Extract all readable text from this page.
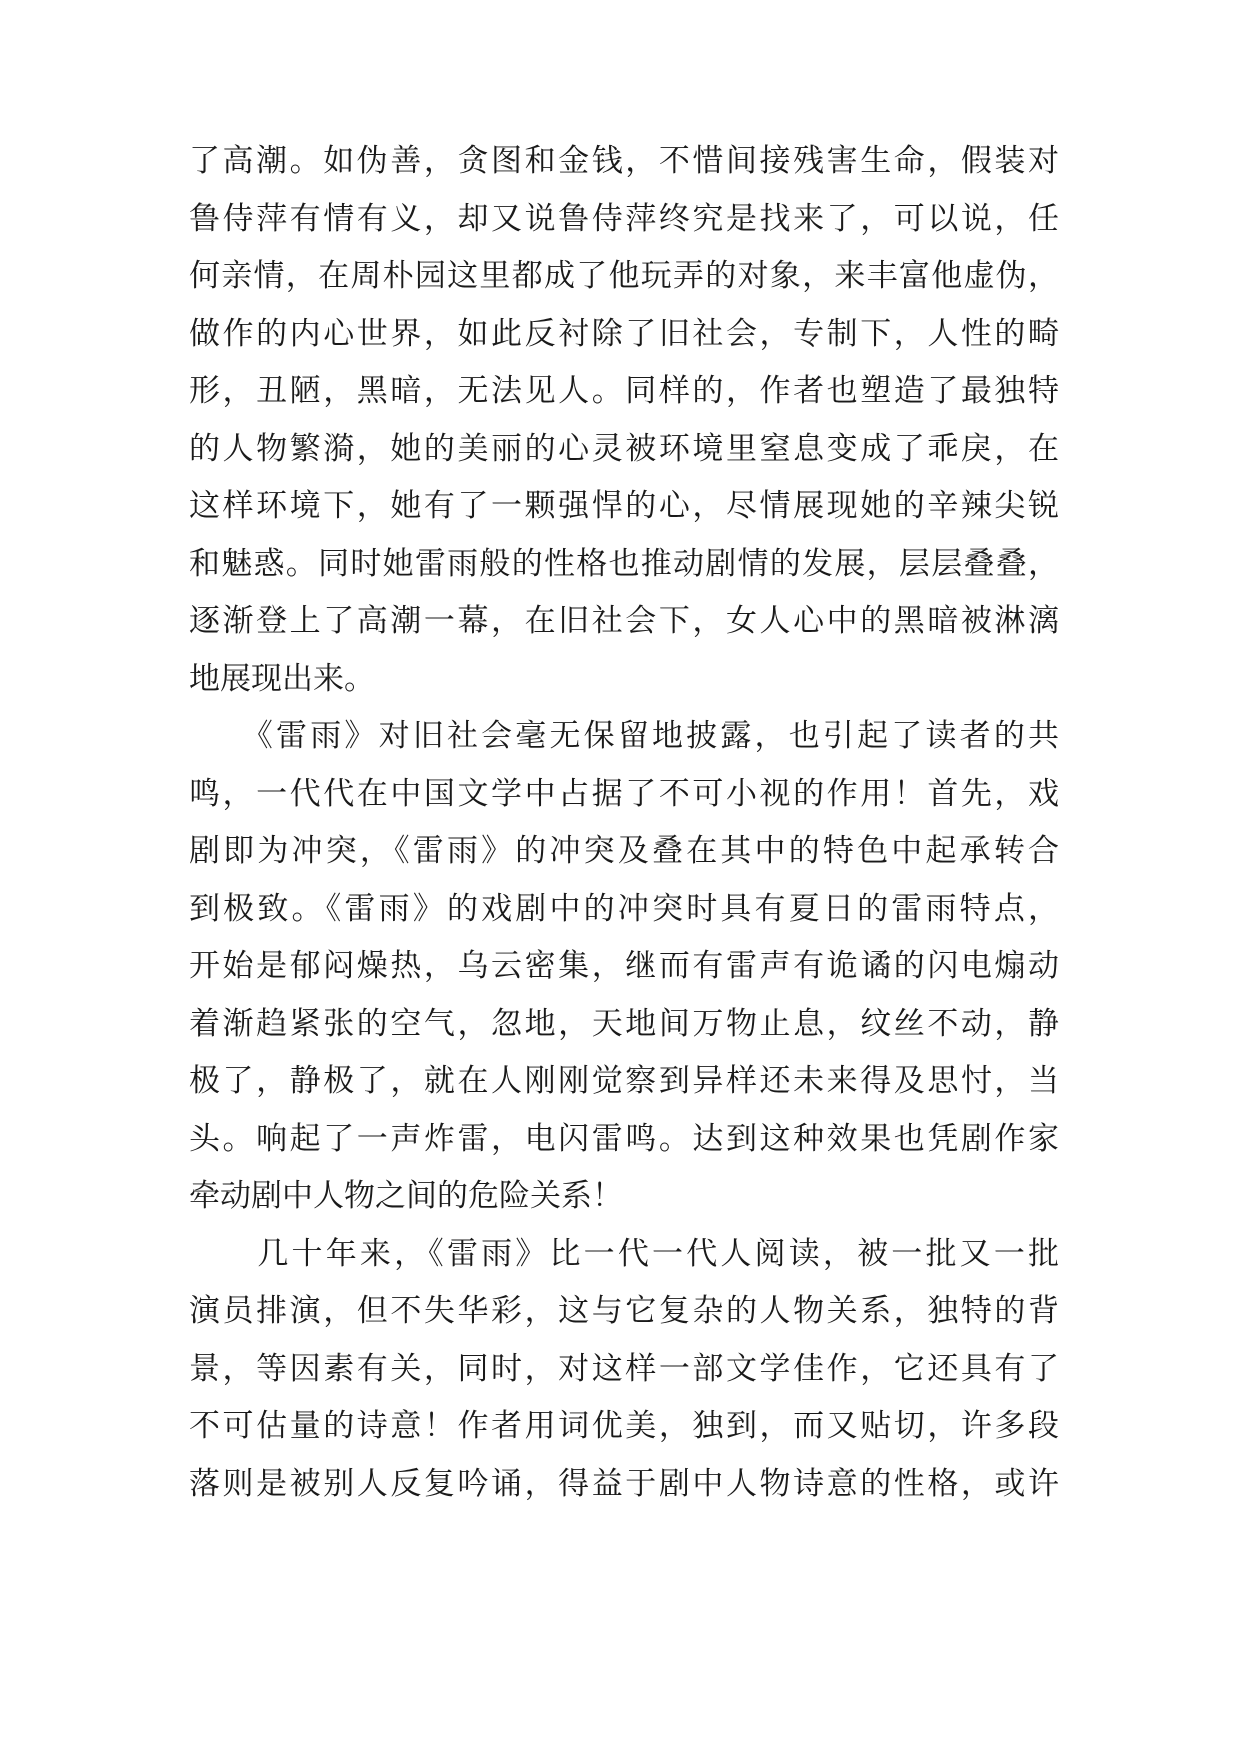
了高潮。如伪善，贪图和金钱，不惜间接残害生命，假装对
鲁侍萍有情有义，却又说鲁侍萍终究是找来了，可以说，任
何亲情，在周朴园这里都成了他玩弄的对象，来丰富他虚伪，
做作的内心世界，如此反衬除了旧社会，专制下，人性的畸
形，丑陋，黑暗，无法见人。同样的，作者也塑造了最独特
的人物繁漪，她的美丽的心灵被环境里窒息变成了乖戾，在
这样环境下，她有了一颗强悍的心，尽情展现她的辛辣尖锐
和魅惑。同时她雷雨般的性格也推动剧情的发展，层层叠叠，
逐渐登上了高潮一幕，在旧社会下，女人心中的黑暗被淋漓
地展现出来。
　　《雷雨》对旧社会毫无保留地披露，也引起了读者的共
鸣，一代代在中国文学中占据了不可小视的作用！首先，戏
剧即为冲突，《雷雨》的冲突及叠在其中的特色中起承转合
到极致。《雷雨》的戏剧中的冲突时具有夏日的雷雨特点，
开始是郁闷燥热，乌云密集，继而有雷声有诡谲的闪电煽动
着渐趋紧张的空气，忽地，天地间万物止息，纹丝不动，静
极了，静极了，就在人刚刚觉察到异样还未来得及思忖，当
头。响起了一声炸雷，电闪雷鸣。达到这种效果也凭剧作家
牵动剧中人物之间的危险关系！
　　几十年来，《雷雨》比一代一代人阅读，被一批又一批
演员排演，但不失华彩，这与它复杂的人物关系，独特的背
景，等因素有关，同时，对这样一部文学佳作，它还具有了
不可估量的诗意！作者用词优美，独到，而又贴切，许多段
落则是被别人反复吟诵，得益于剧中人物诗意的性格，或许
